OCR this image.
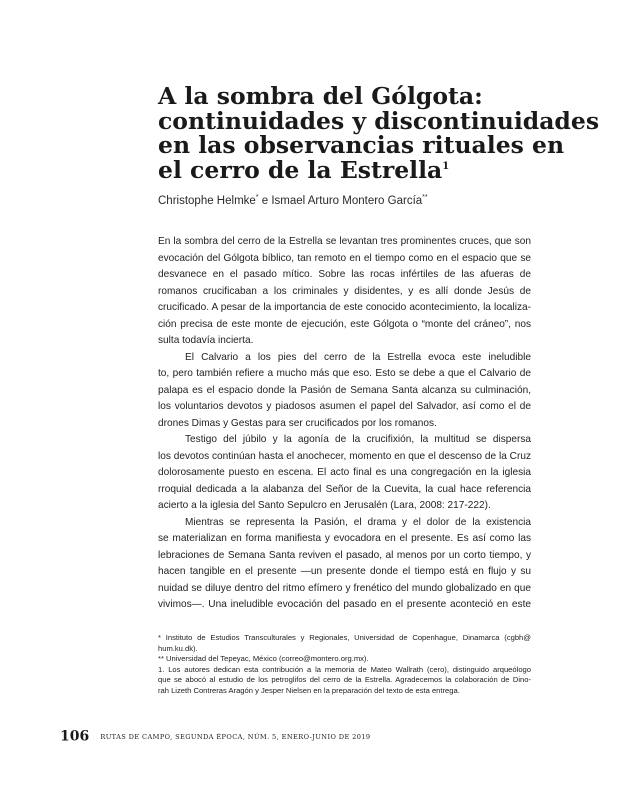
A la sombra del Gólgota:
continuidades y discontinuidades
en las observancias rituales en
el cerro de la Estrella$^1$
Christophe Helmke* e Ismael Arturo Montero García**
En la sombra del cerro de la Estrella se levantan tres prominentes cruces, que son
evocación del Gólgota bíblico, tan remoto en el tiempo como en el espacio que se
desvanece en el pasado mítico. Sobre las rocas infértiles de las afueras de
romanos crucificaban a los criminales y disidentes, y es allí donde Jesús de
crucificado. A pesar de la importancia de este conocido acontecimiento, la localiza-
ción precisa de este monte de ejecución, este Gólgota o “monte del cráneo”, nos
sulta todavía incierta.
El Calvario a los pies del cerro de la Estrella evoca este ineludible
to, pero también refiere a mucho más que eso. Esto se debe a que el Calvario de
palapa es el espacio donde la Pasión de Semana Santa alcanza su culminación,
los voluntarios devotos y piadosos asumen el papel del Salvador, así como el de
drones Dimas y Gestas para ser crucificados por los romanos.
Testigo del júbilo y la agonía de la crucifixión, la multitud se dispersa
los devotos continúan hasta el anochecer, momento en que el descenso de la Cruz
dolorosamente puesto en escena. El acto final es una congregación en la iglesia
rroquial dedicada a la alabanza del Señor de la Cuevita, la cual hace referencia
acierto a la iglesia del Santo Sepulcro en Jerusalén (Lara, 2008: 217-222).
Mientras se representa la Pasión, el drama y el dolor de la existencia
se materializan en forma manifiesta y evocadora en el presente. Es así como las
lebraciones de Semana Santa reviven el pasado, al menos por un corto tiempo, y
hacen tangible en el presente —un presente donde el tiempo está en flujo y su
nuidad se diluye dentro del ritmo efímero y frenético del mundo globalizado en que
vivimos—. Una ineludible evocación del pasado en el presente aconteció en este
* Instituto de Estudios Transculturales y Regionales, Universidad de Copenhague, Dinamarca (cgbh@
hum.ku.dk).
** Universidad del Tepeyac, México (correo@montero.org.mx).
1. Los autores dedican esta contribución a la memoria de Mateo Wallrath (cero), distinguido arqueólogo
que se abocó al estudio de los petroglifos del cerro de la Estrella. Agradecemos la colaboración de Dino-
rah Lizeth Contreras Aragón y Jesper Nielsen en la preparación del texto de esta entrega.
106 RUTAS DE CAMPO, SEGUNDA ÉPOCA, NÚM. 5, ENERO-JUNIO DE 2019
